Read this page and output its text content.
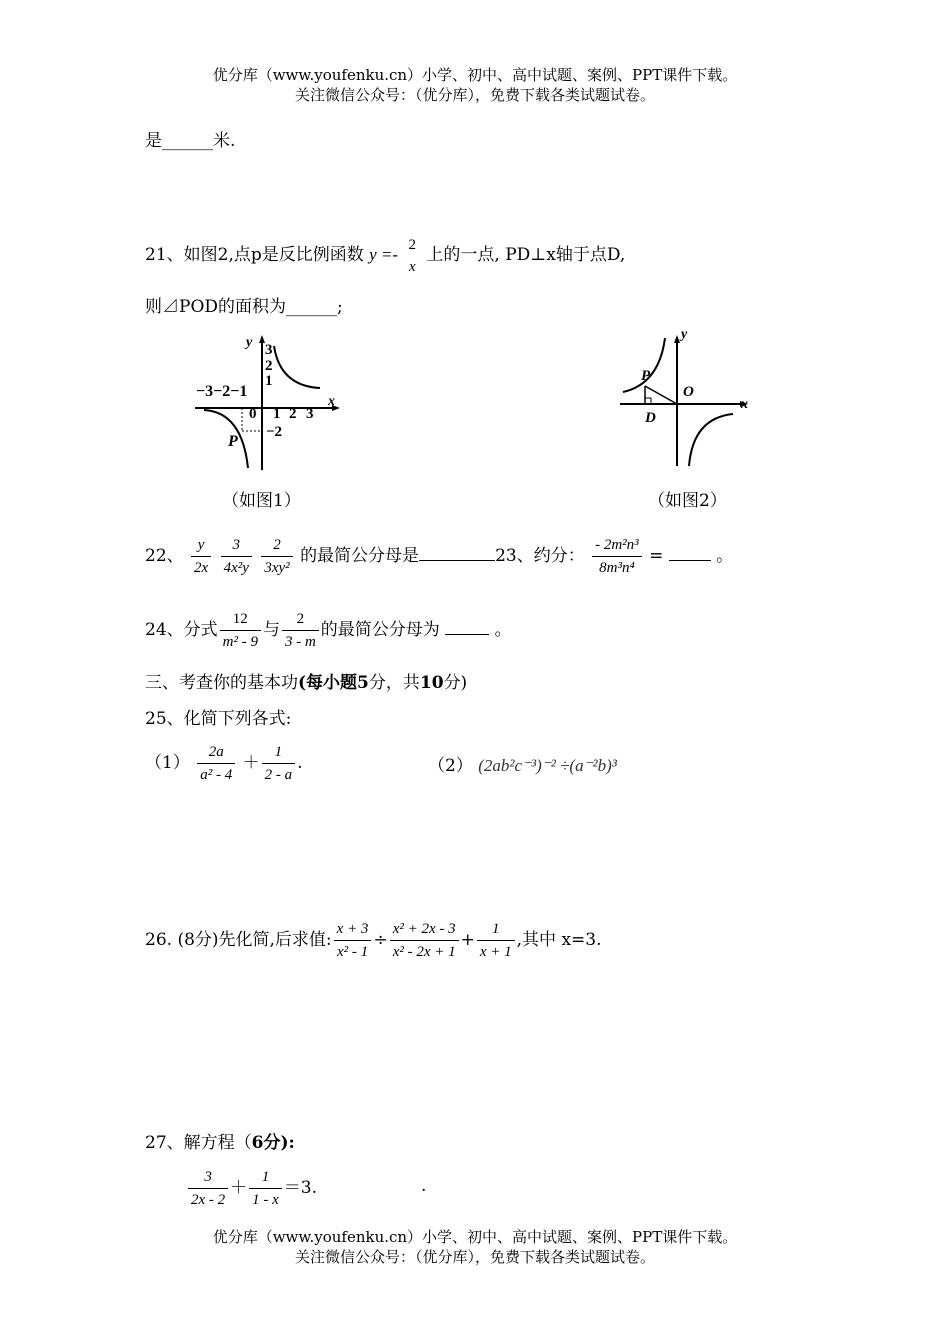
优分库（www.youfenku.cn）小学、初中、高中试题、案例、PPT课件下载。
关注微信公众号：（优分库），免费下载各类试题试卷。
是______米.
21、如图2,点p是反比例函数 y =-
2
x
上的一点, PD⊥x轴于点D,
则⊿POD的面积为______;
y
x
−3−2−1
3
2
1
0 1 2 3
−2
P
（如图1）
y
x
P
O
D
（如图2）
22、 $\frac{y}{2x}$
$\frac{3}{\text{4x²y}}$
$\frac{2}{\text{3xy²}}$ 的最简公分母是	23、约分： $\frac{\text{- 2m²n³}}{\text{8m³n⁴}}$ =	。
24、分式 $\frac{12}{\text{m² - 9}}$ 与 $\frac{2}{3 - m}$ 的最简公分母为	。
三、考查你的基本功(每小题5分，共10分)
25、化简下列各式:
$(1) \frac{2a}{\text{a² - 4}} + \frac{1}{2 - a}$ .	（2） (2ab²c⁻³)⁻² ÷(a⁻²b)³
26. (8分)先化简,后求值: $\frac{x + 3}{\text{x² - 1}} \div \frac{\text{x² + 2x - 3}}{\text{x² - 2x + 1}} + \frac{1}{x + 1}$ ,其中 x=3.
27、解方程（6分):
$\frac{3}{2x - 2} + \frac{1}{1 - x} =3$.	.
优分库（www.youfenku.cn）小学、初中、高中试题、案例、PPT课件下载。
关注微信公众号：（优分库），免费下载各类试题试卷。
